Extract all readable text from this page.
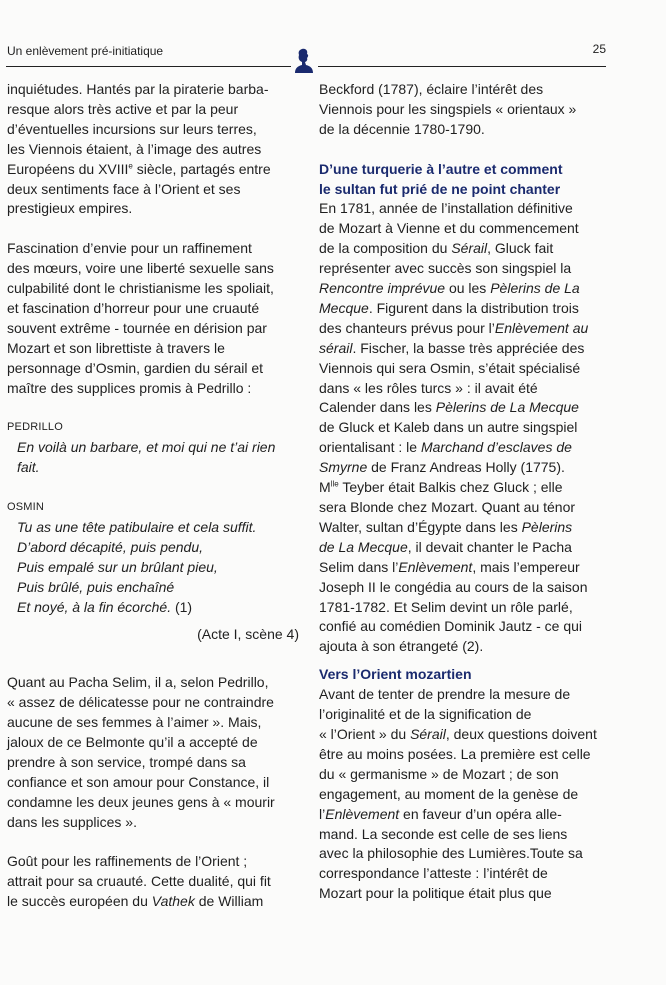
Un enlèvement pré-initiatique	25
inquiétudes. Hantés par la piraterie barba-
resque alors très active et par la peur
d’éventuelles incursions sur leurs terres,
les Viennois étaient, à l’image des autres
Européens du XVIIIe siècle, partagés entre
deux sentiments face à l’Orient et ses
prestigieux empires.
Fascination d’envie pour un raffinement
des mœurs, voire une liberté sexuelle sans
culpabilité dont le christianisme les spoliait,
et fascination d’horreur pour une cruauté
souvent extrême - tournée en dérision par
Mozart et son librettiste à travers le
personnage d’Osmin, gardien du sérail et
maître des supplices promis à Pedrillo :
PEDRILLO
En voilà un barbare, et moi qui ne t’ai rien
fait.
OSMIN
Tu as une tête patibulaire et cela suffit.
D’abord décapité, puis pendu,
Puis empalé sur un brûlant pieu,
Puis brûlé, puis enchaîné
Et noyé, à la fin écorché. (1)
(Acte I, scène 4)
Quant au Pacha Selim, il a, selon Pedrillo,
« assez de délicatesse pour ne contraindre
aucune de ses femmes à l’aimer ». Mais,
jaloux de ce Belmonte qu’il a accepté de
prendre à son service, trompé dans sa
confiance et son amour pour Constance, il
condamne les deux jeunes gens à « mourir
dans les supplices ».
Goût pour les raffinements de l’Orient ;
attrait pour sa cruauté. Cette dualité, qui fit
le succès européen du Vathek de William
Beckford (1787), éclaire l’intérêt des
Viennois pour les singspiels « orientaux »
de la décennie 1780-1790.
D’une turquerie à l’autre et comment
le sultan fut prié de ne point chanter
En 1781, année de l’installation définitive
de Mozart à Vienne et du commencement
de la composition du Sérail, Gluck fait
représenter avec succès son singspiel la
Rencontre imprévue ou les Pèlerins de La
Mecque. Figurent dans la distribution trois
des chanteurs prévus pour l’Enlèvement au
sérail. Fischer, la basse très appréciée des
Viennois qui sera Osmin, s’était spécialisé
dans « les rôles turcs » : il avait été
Calender dans les Pèlerins de La Mecque
de Gluck et Kaleb dans un autre singspiel
orientalisant : le Marchand d’esclaves de
Smyrne de Franz Andreas Holly (1775).
$M^{lle}$ Teyber était Balkis chez Gluck ; elle
sera Blonde chez Mozart. Quant au ténor
Walter, sultan d’Égypte dans les Pèlerins
de La Mecque, il devait chanter le Pacha
Selim dans l’Enlèvement, mais l’empereur
Joseph II le congédia au cours de la saison
1781-1782. Et Selim devint un rôle parlé,
confié au comédien Dominik Jautz - ce qui
ajouta à son étrangeté (2).
Vers l’Orient mozartien
Avant de tenter de prendre la mesure de
l’originalité et de la signification de
« l’Orient » du Sérail, deux questions doivent
être au moins posées. La première est celle
du « germanisme » de Mozart ; de son
engagement, au moment de la genèse de
l’Enlèvement en faveur d’un opéra alle-
mand. La seconde est celle de ses liens
avec la philosophie des Lumières.Toute sa
correspondance l’atteste : l’intérêt de
Mozart pour la politique était plus que
